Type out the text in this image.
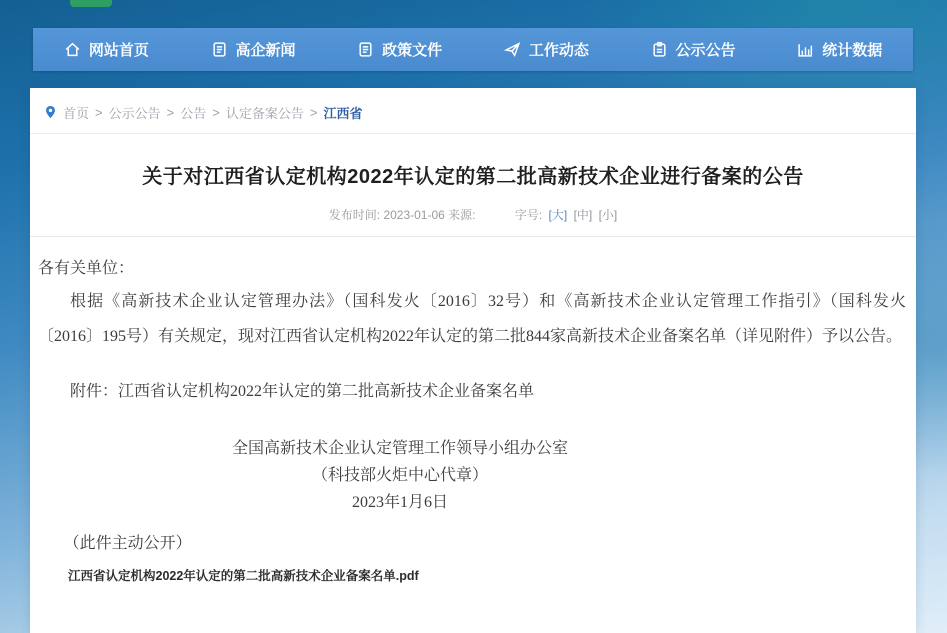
网站首页	高企新闻	政策文件	工作动态	公示公告	统计数据
首页 > 公示公告 > 公告 > 认定备案公告 > 江西省
关于对江西省认定机构2022年认定的第二批高新技术企业进行备案的公告
发布时间: 2023-01-06 来源:	字号: [大] [中] [小]
各有关单位：
根据《高新技术企业认定管理办法》（国科发火〔2016〕32号）和《高新技术企业认定管理工作指引》（国科发火〔2016〕195号）有关规定，现对江西省认定机构2022年认定的第二批844家高新技术企业备案名单（详见附件）予以公告。
附件：江西省认定机构2022年认定的第二批高新技术企业备案名单
全国高新技术企业认定管理工作领导小组办公室
（科技部火炬中心代章）
2023年1月6日
（此件主动公开）
江西省认定机构2022年认定的第二批高新技术企业备案名单.pdf
